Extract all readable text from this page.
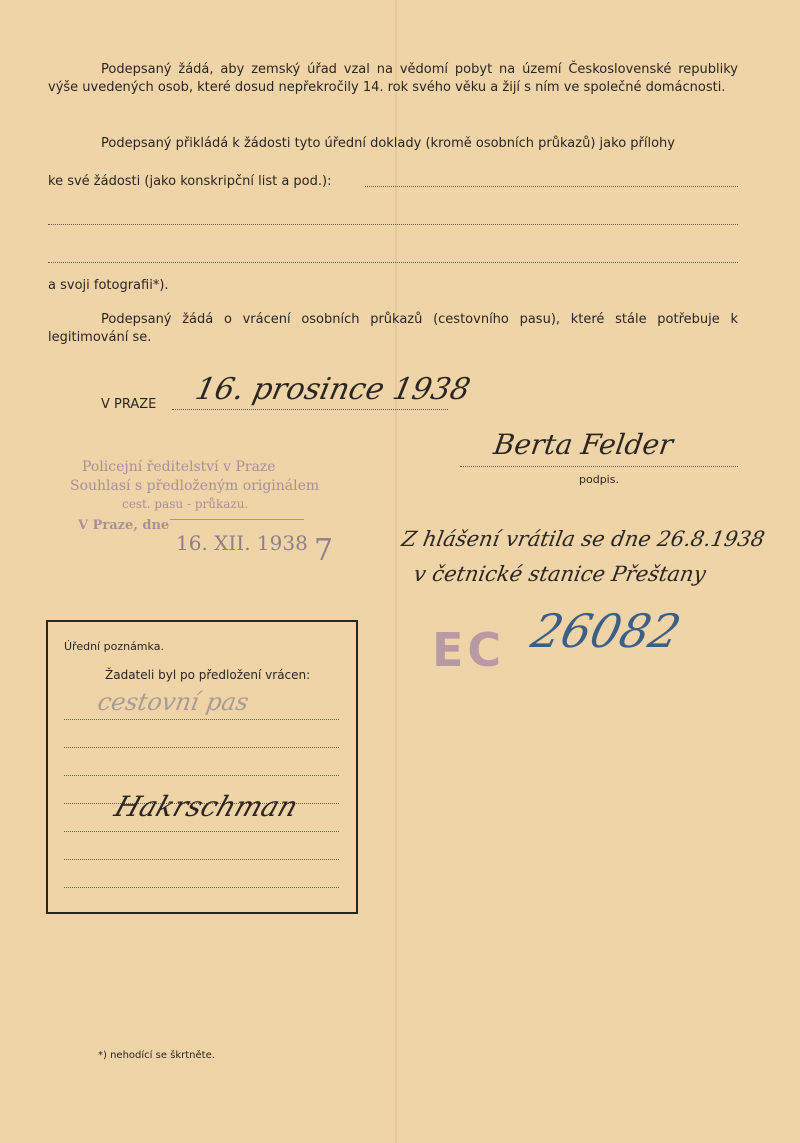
Podepsaný žádá, aby zemský úřad vzal na vědomí pobyt na území Československé republiky výše uvedených osob, které dosud nepřekročily 14. rok svého věku a žijí s ním ve společné domácnosti.
Podepsaný přikládá k žádosti tyto úřední doklady (kromě osobních průkazů) jako přílohy
ke své žádosti (jako konskripční list a pod.):
a svoji fotografii*).
Podepsaný žádá o vrácení osobních průkazů (cestovního pasu), které stále potřebuje k legitimování se.
V PRAZE 16. prosince 1938
Berta Felder
podpis.
Policejní ředitelství v Praze
Souhlasí s předloženým originálem
cest. pasu - průkazu.
V Praze, dne
16. XII. 1938 7	Z hlášení vrátila se dne 26.8.1938
v četnické stanice Přeštany
EC 26082
Úřední poznámka.
Žadateli byl po předložení vrácen:
cestovní pas
Hakrschman
*) nehodící se škrtněte.
